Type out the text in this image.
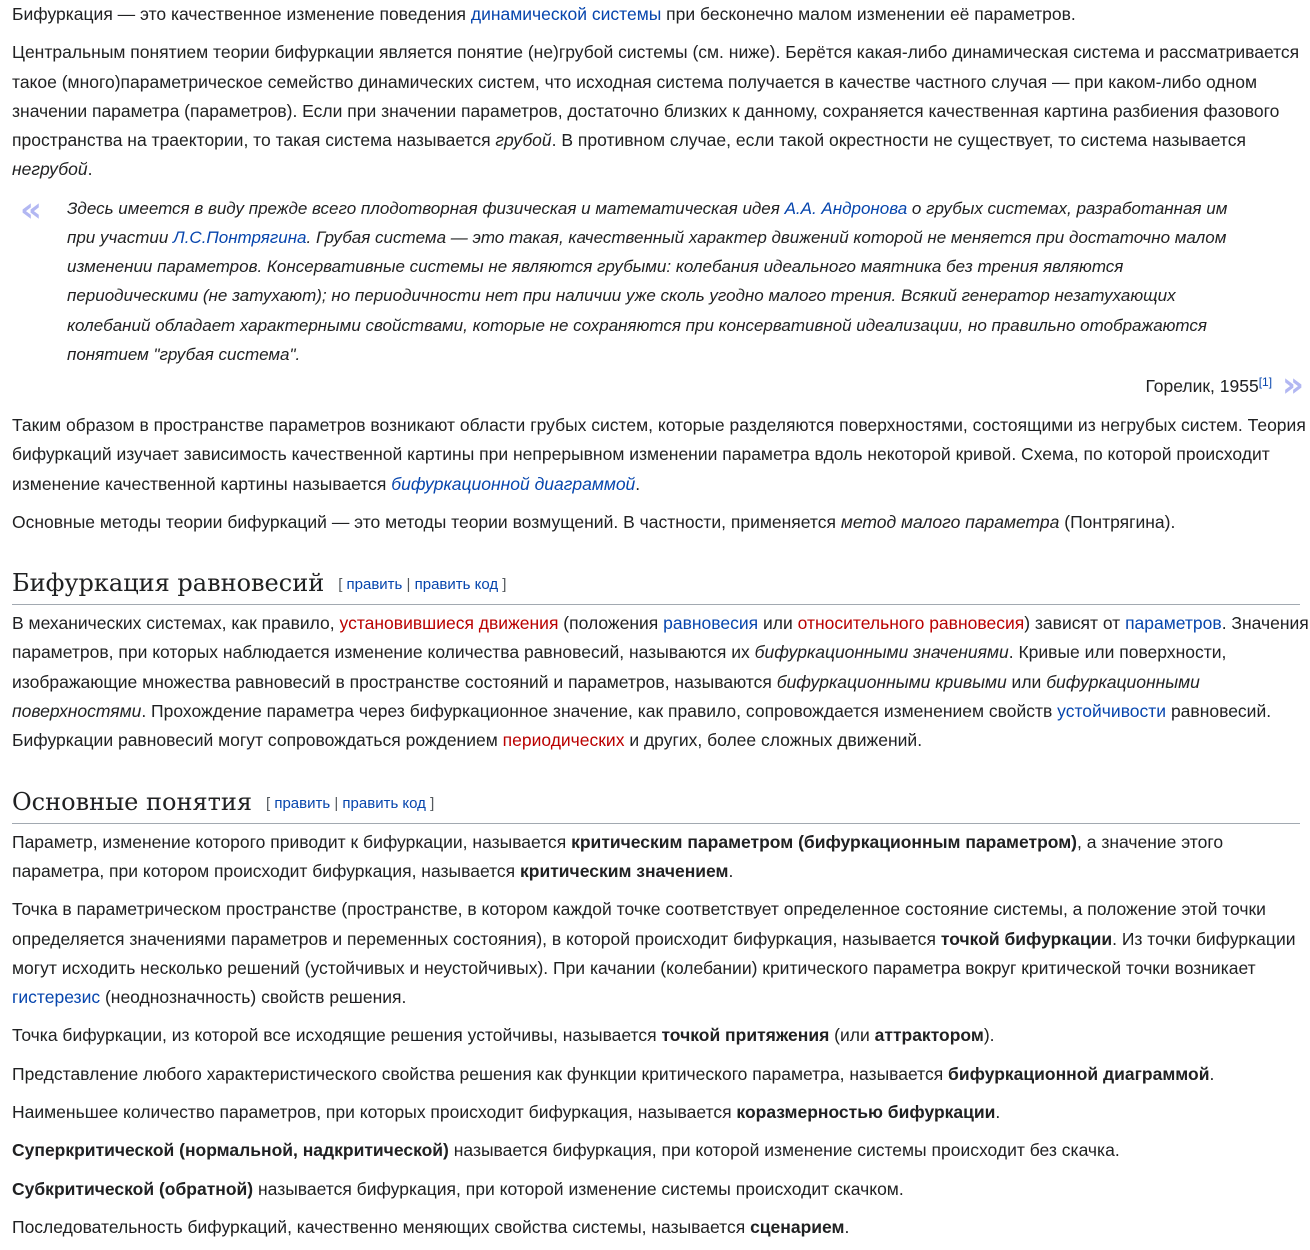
Бифуркация — это качественное изменение поведения динамической системы при бесконечно малом изменении её параметров.

Центральным понятием теории бифуркации является понятие (не)грубой системы (см. ниже). Берётся какая-либо динамическая система и рассматривается такое (много)параметрическое семейство динамических систем, что исходная система получается в качестве частного случая — при каком-либо одном значении параметра (параметров). Если при значении параметров, достаточно близких к данному, сохраняется качественная картина разбиения фазового пространства на траектории, то такая система называется грубой. В противном случае, если такой окрестности не существует, то система называется негрубой.

« Здесь имеется в виду прежде всего плодотворная физическая и математическая идея А.А. Андронова о грубых системах, разработанная им при участии Л.С.Понтрягина. Грубая система — это такая, качественный характер движений которой не меняется при достаточно малом изменении параметров. Консервативные системы не являются грубыми: колебания идеального маятника без трения являются периодическими (не затухают); но периодичности нет при наличии уже сколь угодно малого трения. Всякий генератор незатухающих колебаний обладает характерными свойствами, которые не сохраняются при консервативной идеализации, но правильно отображаются понятием "грубая система".

Горелик, 1955[1] »

Таким образом в пространстве параметров возникают области грубых систем, которые разделяются поверхностями, состоящими из негрубых систем. Теория бифуркаций изучает зависимость качественной картины при непрерывном изменении параметра вдоль некоторой кривой. Схема, по которой происходит изменение качественной картины называется бифуркационной диаграммой.

Основные методы теории бифуркаций — это методы теории возмущений. В частности, применяется метод малого параметра (Понтрягина).

Бифуркация равновесий [ править | править код ]

В механических системах, как правило, установившиеся движения (положения равновесия или относительного равновесия) зависят от параметров. Значения параметров, при которых наблюдается изменение количества равновесий, называются их бифуркационными значениями. Кривые или поверхности, изображающие множества равновесий в пространстве состояний и параметров, называются бифуркационными кривыми или бифуркационными поверхностями. Прохождение параметра через бифуркационное значение, как правило, сопровождается изменением свойств устойчивости равновесий. Бифуркации равновесий могут сопровождаться рождением периодических и других, более сложных движений.

Основные понятия [ править | править код ]

Параметр, изменение которого приводит к бифуркации, называется критическим параметром (бифуркационным параметром), а значение этого параметра, при котором происходит бифуркация, называется критическим значением.

Точка в параметрическом пространстве (пространстве, в котором каждой точке соответствует определенное состояние системы, а положение этой точки определяется значениями параметров и переменных состояния), в которой происходит бифуркация, называется точкой бифуркации. Из точки бифуркации могут исходить несколько решений (устойчивых и неустойчивых). При качании (колебании) критического параметра вокруг критической точки возникает гистерезис (неоднозначность) свойств решения.

Точка бифуркации, из которой все исходящие решения устойчивы, называется точкой притяжения (или аттрактором).

Представление любого характеристического свойства решения как функции критического параметра, называется бифуркационной диаграммой.

Наименьшее количество параметров, при которых происходит бифуркация, называется коразмерностью бифуркации.

Суперкритической (нормальной, надкритической) называется бифуркация, при которой изменение системы происходит без скачка.

Субкритической (обратной) называется бифуркация, при которой изменение системы происходит скачком.

Последовательность бифуркаций, качественно меняющих свойства системы, называется сценарием.
